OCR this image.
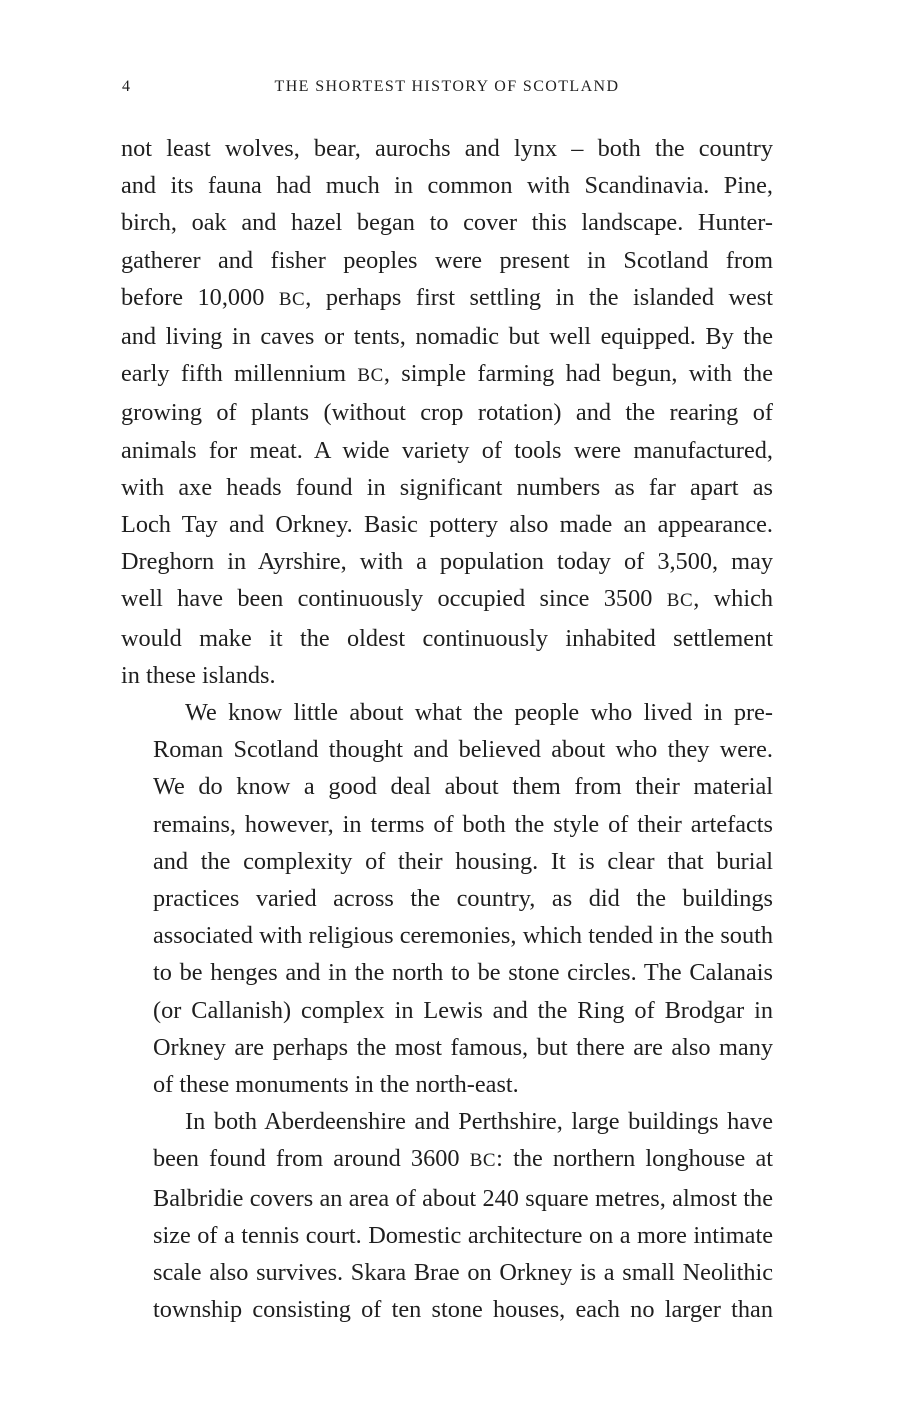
4	THE SHORTEST HISTORY OF SCOTLAND

not least wolves, bear, aurochs and lynx – both the country
and its fauna had much in common with Scandinavia. Pine,
birch, oak and hazel began to cover this landscape. Hunter-
gatherer and fisher peoples were present in Scotland from
before 10,000 BC, perhaps first settling in the islanded west
and living in caves or tents, nomadic but well equipped. By the
early fifth millennium BC, simple farming had begun, with the
growing of plants (without crop rotation) and the rearing of
animals for meat. A wide variety of tools were manufactured,
with axe heads found in significant numbers as far apart as
Loch Tay and Orkney. Basic pottery also made an appearance.
Dreghorn in Ayrshire, with a population today of 3,500, may
well have been continuously occupied since 3500 BC, which
would make it the oldest continuously inhabited settlement
in these islands.

We know little about what the people who lived in pre-
Roman Scotland thought and believed about who they were.
We do know a good deal about them from their material
remains, however, in terms of both the style of their artefacts
and the complexity of their housing. It is clear that burial
practices varied across the country, as did the buildings
associated with religious ceremonies, which tended in the south
to be henges and in the north to be stone circles. The Calanais
(or Callanish) complex in Lewis and the Ring of Brodgar in
Orkney are perhaps the most famous, but there are also many
of these monuments in the north-east.

In both Aberdeenshire and Perthshire, large buildings have
been found from around 3600 BC: the northern longhouse at
Balbridie covers an area of about 240 square metres, almost the
size of a tennis court. Domestic architecture on a more intimate
scale also survives. Skara Brae on Orkney is a small Neolithic
township consisting of ten stone houses, each no larger than
